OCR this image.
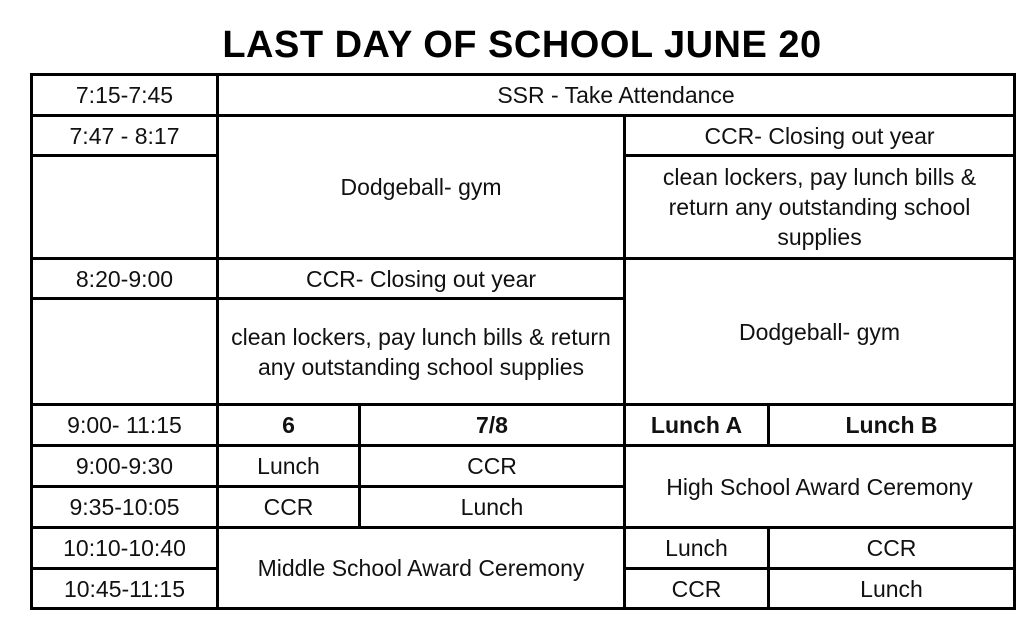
LAST DAY OF SCHOOL JUNE 20
7:15-7:45	SSR - Take Attendance			
7:47 - 8:17	Dodgeball- gym		CCR- Closing out year	
			clean lockers, pay lunch bills & return any outstanding school supplies	
8:20-9:00	CCR- Closing out year		Dodgeball- gym	
	clean lockers, pay lunch bills & return any outstanding school supplies			
9:00- 11:15	6	7/8	Lunch A	Lunch B
9:00-9:30	Lunch	CCR	High School Award Ceremony	
9:35-10:05	CCR	Lunch		
10:10-10:40	Middle School Award Ceremony		Lunch	CCR
10:45-11:15			CCR	Lunch
